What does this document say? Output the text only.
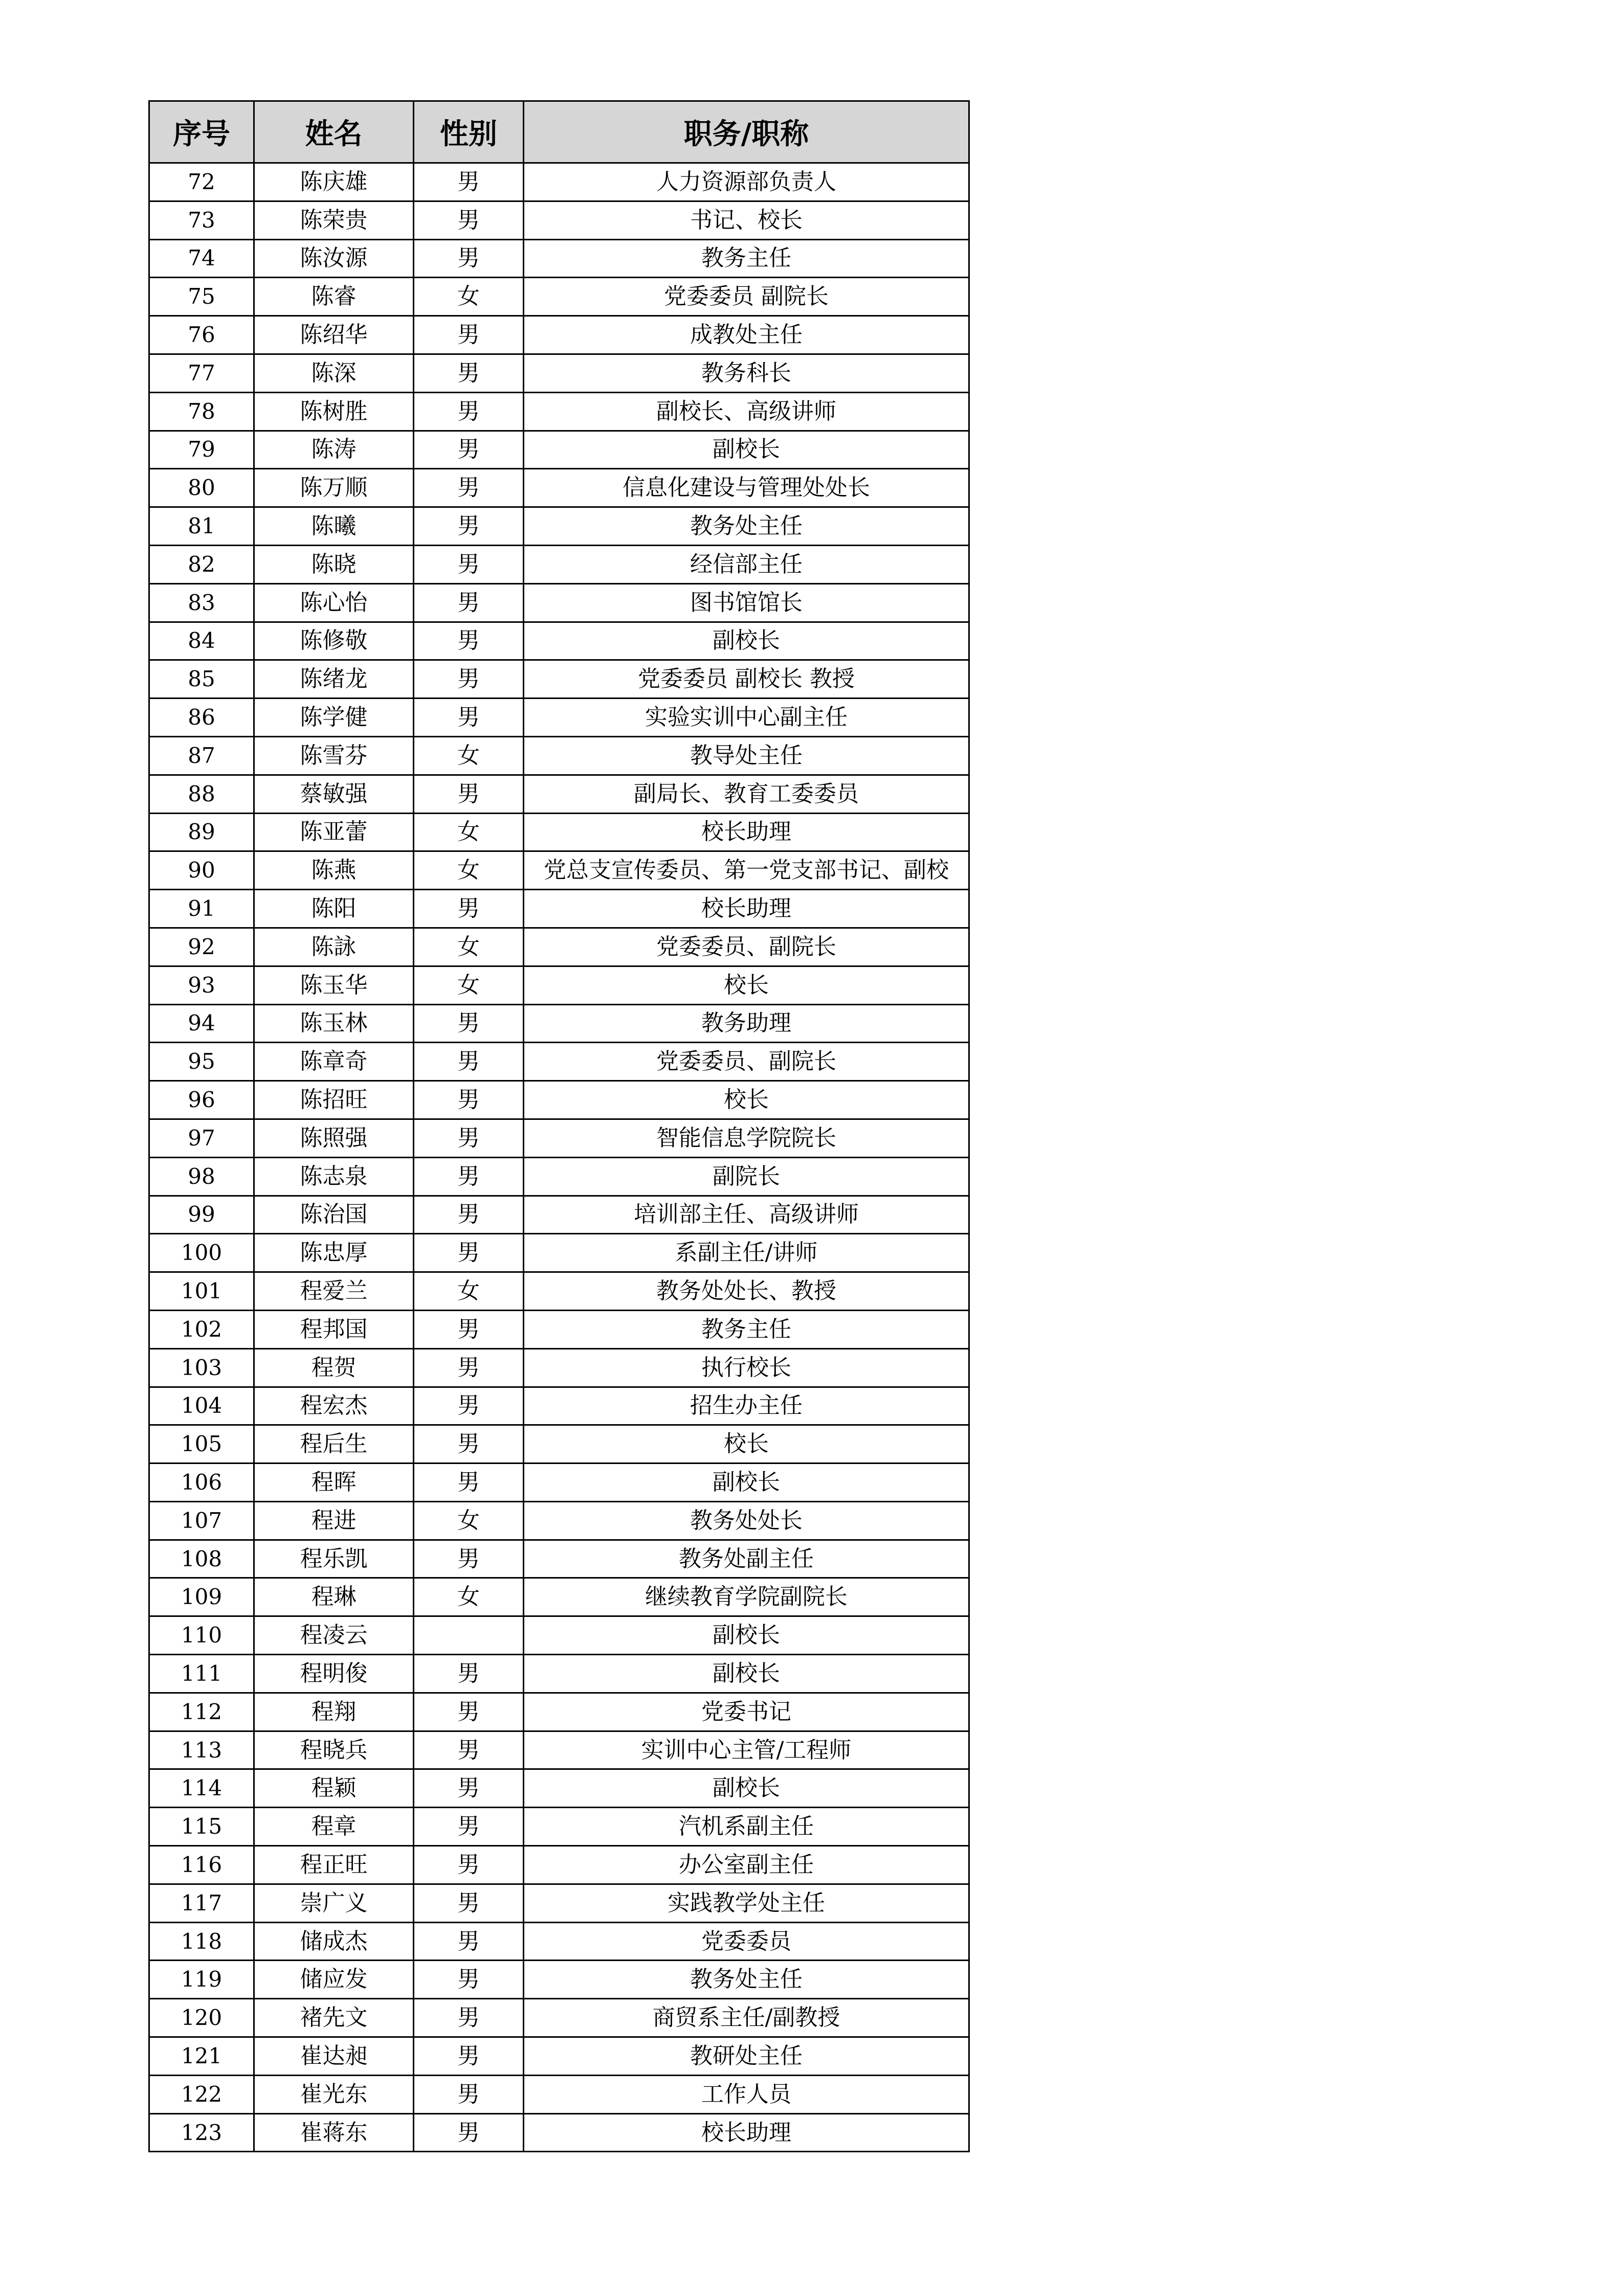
序号	姓名	性别	职务/职称
72	陈庆雄	男	人力资源部负责人
73	陈荣贵	男	书记、校长
74	陈汝源	男	教务主任
75	陈睿	女	党委委员 副院长
76	陈绍华	男	成教处主任
77	陈深	男	教务科长
78	陈树胜	男	副校长、高级讲师
79	陈涛	男	副校长
80	陈万顺	男	信息化建设与管理处处长
81	陈曦	男	教务处主任
82	陈晓	男	经信部主任
83	陈心怡	男	图书馆馆长
84	陈修敬	男	副校长
85	陈绪龙	男	党委委员 副校长 教授
86	陈学健	男	实验实训中心副主任
87	陈雪芬	女	教导处主任
88	蔡敏强	男	副局长、教育工委委员
89	陈亚蕾	女	校长助理
90	陈燕	女	党总支宣传委员、第一党支部书记、副校
91	陈阳	男	校长助理
92	陈詠	女	党委委员、副院长
93	陈玉华	女	校长
94	陈玉林	男	教务助理
95	陈章奇	男	党委委员、副院长
96	陈招旺	男	校长
97	陈照强	男	智能信息学院院长
98	陈志泉	男	副院长
99	陈治国	男	培训部主任、高级讲师
100	陈忠厚	男	系副主任/讲师
101	程爱兰	女	教务处处长、教授
102	程邦国	男	教务主任
103	程贺	男	执行校长
104	程宏杰	男	招生办主任
105	程后生	男	校长
106	程晖	男	副校长
107	程进	女	教务处处长
108	程乐凯	男	教务处副主任
109	程琳	女	继续教育学院副院长
110	程凌云		副校长
111	程明俊	男	副校长
112	程翔	男	党委书记
113	程晓兵	男	实训中心主管/工程师
114	程颖	男	副校长
115	程章	男	汽机系副主任
116	程正旺	男	办公室副主任
117	崇广义	男	实践教学处主任
118	储成杰	男	党委委员
119	储应发	男	教务处主任
120	褚先文	男	商贸系主任/副教授
121	崔达昶	男	教研处主任
122	崔光东	男	工作人员
123	崔蒋东	男	校长助理
